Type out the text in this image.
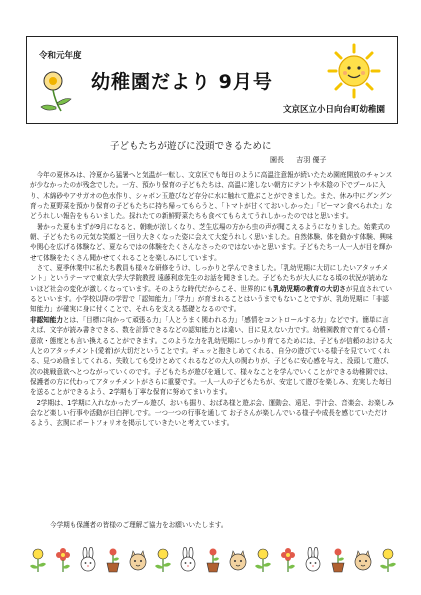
令和元年度
幼稚園だより 9月号
文京区立小日向台町幼稚園
子どもたちが遊びに没頭できるために
園長 吉羽 優子

今年の夏休みは、冷夏から猛暑へと気温が一転し、文京区でも毎日のように高温注意報が続いたため園庭開放のチャンスが少なかったのが残念でした。一方、預かり保育の子どもたちは、高温に達しない朝方にテントや木陰の下でプールに入り、木綿砂やアサガオの色水作り、シャボン玉遊びなど存分に水に触れて遊ぶことができました。また、休み中にグングン育った夏野菜を預かり保育の子どもたちに持ち帰ってもらうと、「トマトが甘くておいしかった」「ピーマン食べられた」などうれしい報告をもらいました。採れたての新鮮野菜たちも食べてもらえてうれしかったのではと思います。

暑かった夏もまずが9月になると、朝晩が涼しくなり、芝生広場の方から虫の声が聞こえるようになりました。始業式の朝、子どもたちの元気な笑顔と一回り大きくなった姿に会えて大変うれしく思いました。自然体験、体を動かす体験、興味や関心を広げる体験など、夏ならではの体験をたくさんなさったのではないかと思います。子どもたち一人一人が目を輝かせて体験をたくさん聞かせてくれることを楽しみにしています。

さて、夏季休業中に私たち教員も様々な研修をうけ、しっかりと学んできました。「乳幼児期に大切にしたいアタッチメント」というテーマで東京大学大学院教授 遠藤利彦先生のお話を聞きました。子どもたちが大人になる頃の状況が読めないほど社会の変化が激しくなっています。そのような時代だからこそ、世界的にも乳幼児期の教育の大切さが見直されているといいます。小学校以降の学習で「認知能力」「学力」が育まれることはいうまでもないことですが、乳幼児期に「非認知能力」が確実に身に付くことで、それらを支える基礎となるのです。

非認知能力とは、「目標に向かって頑張る力」「人とうまく関われる力」「感情をコントロールする力」などです。簡単に言えば、文字が読み書きできる、数を計算できるなどの認知能力とは違い、目に見えない力です。幼稚園教育で育てる心情・意欲・態度とも言い換えることができます。このような力を乳幼児期にしっかり育てるためには、子どもが信頼のおける大人とのアタッチメント(愛着)が大切だということです。ギュッと抱きしめてくれる、自分の遊びている様子を見ていてくれる、見つめ励ましてくれる、失敗しても受けとめてくれるなどの大人の関わりが、子どもに安心感を与え、没頭して遊び、次の挑戦意欲へとつながっていくのです。子どもたちが遊びを通して、様々なことを学んでいくことができる幼稚園では、保護者の方に代わってアタッチメントがさらに重要です。一人一人の子どもたちが、安定して遊びを楽しみ、充実した毎日を送ることができるよう、2学期も丁寧な保育に努めてまいります。

2学期は、1学期に入れなかったプール遊び、おいも掘り、おばあ様と遊ぶ会、運動会、遠足、芋汁会、音楽会、お楽しみ会など楽しい行事や活動が目白押しです。一つ一つの行事を通して お子さんが楽しんでいる様子や成長を感じていただけるよう、玄関にポートフォリオを掲示していきたいと考えています。

今学期も保護者の皆様のご理解ご協力をお願いいたします。
